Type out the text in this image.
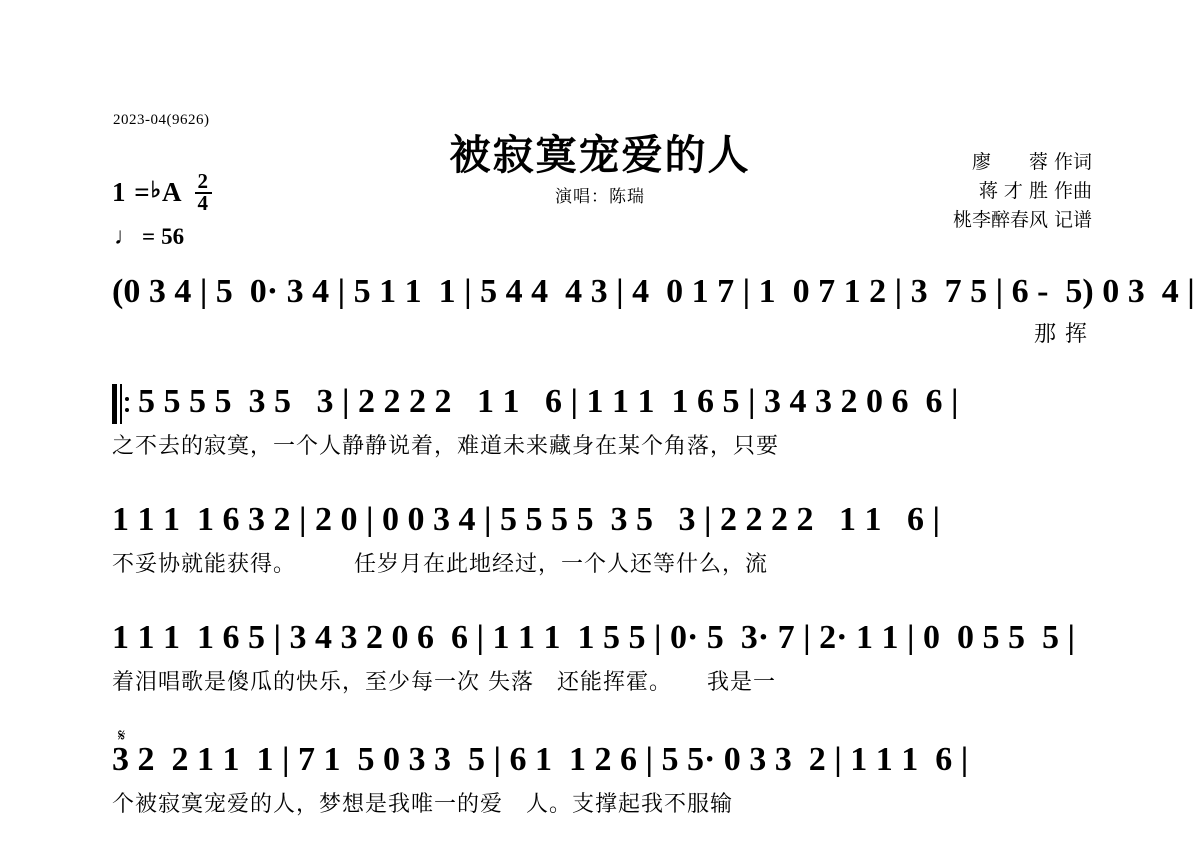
2023-04(9626)
被寂寞宠爱的人
演唱：陈瑞
廖　　蓉 作词
蒋 才 胜 作曲
桃李醉春风 记谱
1 = ♭ A $\frac{2}{4}$
♩ = 56
(0 3 4 | 5  0· 3 4 | 5 1 1  1 | 5 4 4  4 3 | 4  0 1 7 | 1  0 7 1 2 | 3  7 5 | 6 -  5) 0 3  4 |
那 挥
5 5 5 5  3 5   3 | 2 2 2 2   1 1   6 | 1 1 1  1 6 5 | 3 4 3 2 0 6  6 |
之不去的寂寞，一个人静静说着，难道未来藏身在某个角落，只要
1 1 1  1 6 3 2 | 2 0 | 0 0 3 4 | 5 5 5 5  3 5   3 | 2 2 2 2   1 1   6 |
不妥协就能获得。　　　任岁月在此地经过，一个人还等什么，流
1 1 1  1 6 5 | 3 4 3 2 0 6  6 | 1 1 1  1 5 5 | 0· 5  3· 7 | 2· 1 1 | 0  0 5 5  5 |
着泪唱歌是傻瓜的快乐，至少每一次 失落　还能挥霍。　　我是一
𝄋
3 2  2 1 1  1 | 7 1  5 0 3 3  5 | 6 1  1 2 6 | 5 5· 0 3 3  2 | 1 1 1  6 |
个被寂寞宠爱的人，梦想是我唯一的爱　人。支撑起我不服输
